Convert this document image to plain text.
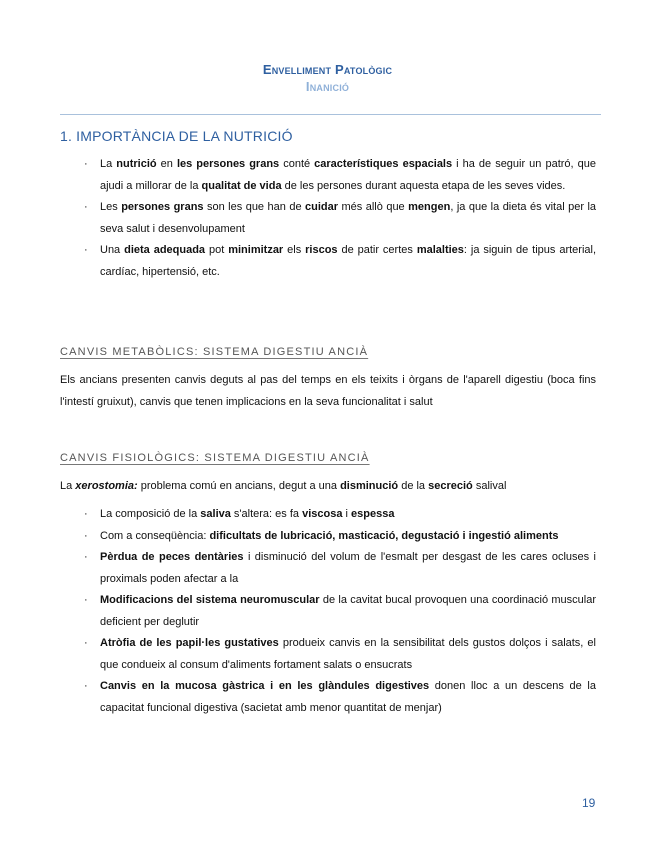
Envelliment Patològic
Inanició
1. IMPORTÀNCIA DE LA NUTRICIÓ
· La nutrició en les persones grans conté característiques espacials i ha de seguir un patró, que ajudi a millorar de la qualitat de vida de les persones durant aquesta etapa de les seves vides.
· Les persones grans son les que han de cuidar més allò que mengen, ja que la dieta és vital per la seva salut i desenvolupament
· Una dieta adequada pot minimitzar els riscos de patir certes malalties: ja siguin de tipus arterial, cardíac, hipertensió, etc.
CANVIS METABÒLICS: SISTEMA DIGESTIU ANCIÀ
Els ancians presenten canvis deguts al pas del temps en els teixits i òrgans de l'aparell digestiu (boca fins l'intestí gruixut), canvis que tenen implicacions en la seva funcionalitat i salut
CANVIS FISIOLÒGICS: SISTEMA DIGESTIU ANCIÀ
La xerostomia: problema comú en ancians, degut a una disminució de la secreció salival
· La composició de la saliva s'altera: es fa viscosa i espessa
· Com a conseqüència: dificultats de lubricació, masticació, degustació i ingestió aliments
· Pèrdua de peces dentàries i disminució del volum de l'esmalt per desgast de les cares ocluses i proximals poden afectar a la
· Modificacions del sistema neuromuscular de la cavitat bucal provoquen una coordinació muscular deficient per deglutir
· Atròfia de les papil·les gustatives produeix canvis en la sensibilitat dels gustos dolços i salats, el que condueix al consum d'aliments fortament salats o ensucrats
· Canvis en la mucosa gàstrica i en les glàndules digestives donen lloc a un descens de la capacitat funcional digestiva (sacietat amb menor quantitat de menjar)
19
